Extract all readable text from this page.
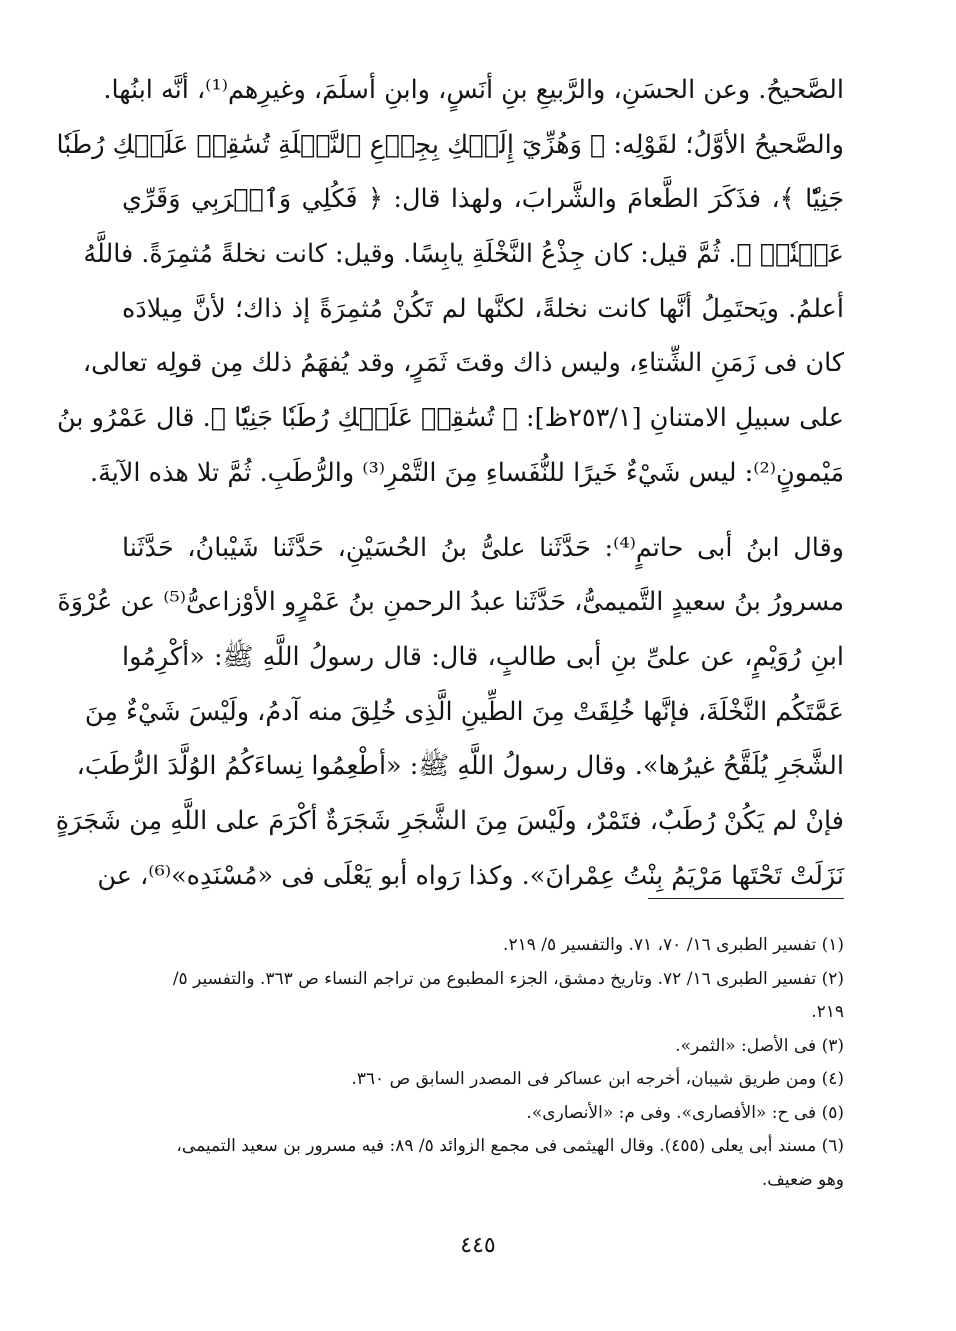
الصَّحيحُ. وعن الحسَنِ، والرَّبيعِ بنِ أنَسٍ، وابنِ أسلَمَ، وغيرِهم⁽¹⁾، أنَّه ابنُها.
والصَّحيحُ الأوَّلُ؛ لقَوْلِه: ﴿ وَهُزِّيٓ إِلَيۡكِ بِجِذۡعِ ٱلنَّخۡلَةِ تُسَٰقِطۡ عَلَيۡكِ رُطَبٗا
جَنِيّٗا ﴾، فذَكَرَ الطَّعامَ والشَّرابَ، ولهذا قال: ﴿ فَكُلِي وَٱشۡرَبِي وَقَرِّي
عَيۡنٗاۖ ﴾. ثُمَّ قيل: كان جِذْعُ النَّخْلَةِ يابِسًا. وقيل: كانت نخلةً مُثمِرَةً. فاللَّهُ
أعلمُ. ويَحتَمِلُ أنَّها كانت نخلةً، لكنَّها لم تَكُنْ مُثمِرَةً إذ ذاك؛ لأنَّ مِيلادَه
كان فى زَمَنِ الشِّتاءِ، وليس ذاك وقتَ ثَمَرٍ، وقد يُفهَمُ ذلك مِن قولِه تعالى،
على سبيلِ الامتنانِ [٢٥٣/١ظ]: ﴿ تُسَٰقِطۡ عَلَيۡكِ رُطَبٗا جَنِيّٗا ﴾. قال عَمْرُو بنُ
مَيْمونٍ⁽²⁾: ليس شَيْءٌ خَيرًا للنُّفَساءِ مِنَ التَّمْرِ⁽³⁾ والرُّطَبِ. ثُمَّ تلا هذه الآيةَ.
وقال ابنُ أبى حاتمٍ⁽⁴⁾: حَدَّثَنا علىُّ بنُ الحُسَيْنِ، حَدَّثَنا شَيْبانُ، حَدَّثَنا
مسرورُ بنُ سعيدٍ التَّميمىُّ، حَدَّثَنا عبدُ الرحمنِ بنُ عَمْرٍو الأوْزاعىُّ⁽⁵⁾ عن عُرْوَةَ
ابنِ رُوَيْمٍ، عن علىِّ بنِ أبى طالبٍ، قال: قال رسولُ اللَّهِ ﷺ: «أكْرِمُوا
عَمَّتَكُم النَّخْلَةَ، فإنَّها خُلِقَتْ مِنَ الطِّينِ الَّذِى خُلِقَ منه آدمُ، ولَيْسَ شَيْءٌ مِنَ
الشَّجَرِ يُلَقَّحُ غيرُها». وقال رسولُ اللَّهِ ﷺ: «أطْعِمُوا نِساءَكُمُ الوُلَّدَ الرُّطَبَ،
فإنْ لم يَكُنْ رُطَبٌ، فتَمْرٌ، ولَيْسَ مِنَ الشَّجَرِ شَجَرَةٌ أكْرَمَ على اللَّهِ مِن شَجَرَةٍ
نَزَلَتْ تَحْتَها مَرْيَمُ بِنْتُ عِمْرانَ». وكذا رَواه أبو يَعْلَى فى «مُسْنَدِه»⁽⁶⁾، عن
(١) تفسير الطبرى ١٦/ ٧٠، ٧١. والتفسير ٥/ ٢١٩.
(٢) تفسير الطبرى ١٦/ ٧٢. وتاريخ دمشق، الجزء المطبوع من تراجم النساء ص ٣٦٣. والتفسير ٥/
٢١٩.
(٣) فى الأصل: «الثمر».
(٤) ومن طريق شيبان، أخرجه ابن عساكر فى المصدر السابق ص ٣٦٠.
(٥) فى ح: «الأفصارى». وفى م: «الأنصارى».
(٦) مسند أبى يعلى (٤٥٥). وقال الهيثمى فى مجمع الزوائد ٥/ ٨٩: فيه مسرور بن سعيد التميمى،
وهو ضعيف.
٤٤٥
